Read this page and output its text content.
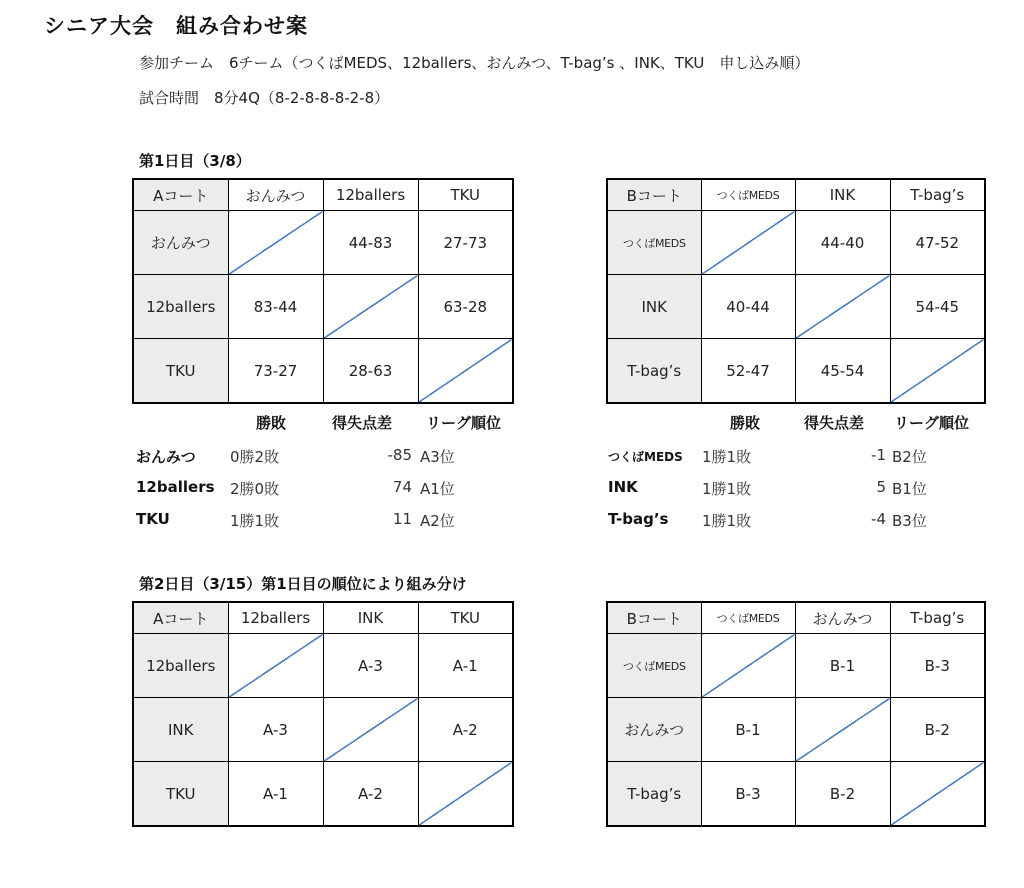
シニア大会　組み合わせ案
参加チーム　6チーム（つくばMEDS、12ballers、おんみつ、T-bag’s 、INK、TKU　申し込み順）
試合時間　8分4Q（8-2-8-8-8-2-8）
第1日目（3/8）
Aコート	おんみつ	12ballers	TKU
おんみつ		44-83	27-73
12ballers	83-44		63-28
TKU	73-27	28-63	
Bコート	つくばMEDS	INK	T-bag’s
つくばMEDS		44-40	47-52
INK	40-44		54-45
T-bag’s	52-47	45-54	
勝敗	得失点差 リーグ順位
おんみつ 0勝2敗	-85 A3位
12ballers 2勝0敗	74 A1位
TKU	1勝1敗	11 A2位
勝敗	得失点差 リーグ順位
つくばMEDS 1勝1敗	-1 B2位
INK	1勝1敗	5 B1位
T-bag’s 1勝1敗	-4 B3位
第2日目（3/15）第1日目の順位により組み分け
Aコート	12ballers	INK	TKU
12ballers		A-3	A-1
INK	A-3		A-2
TKU	A-1	A-2	
Bコート	つくばMEDS	おんみつ	T-bag’s
つくばMEDS		B-1	B-3
おんみつ	B-1		B-2
T-bag’s	B-3	B-2	
